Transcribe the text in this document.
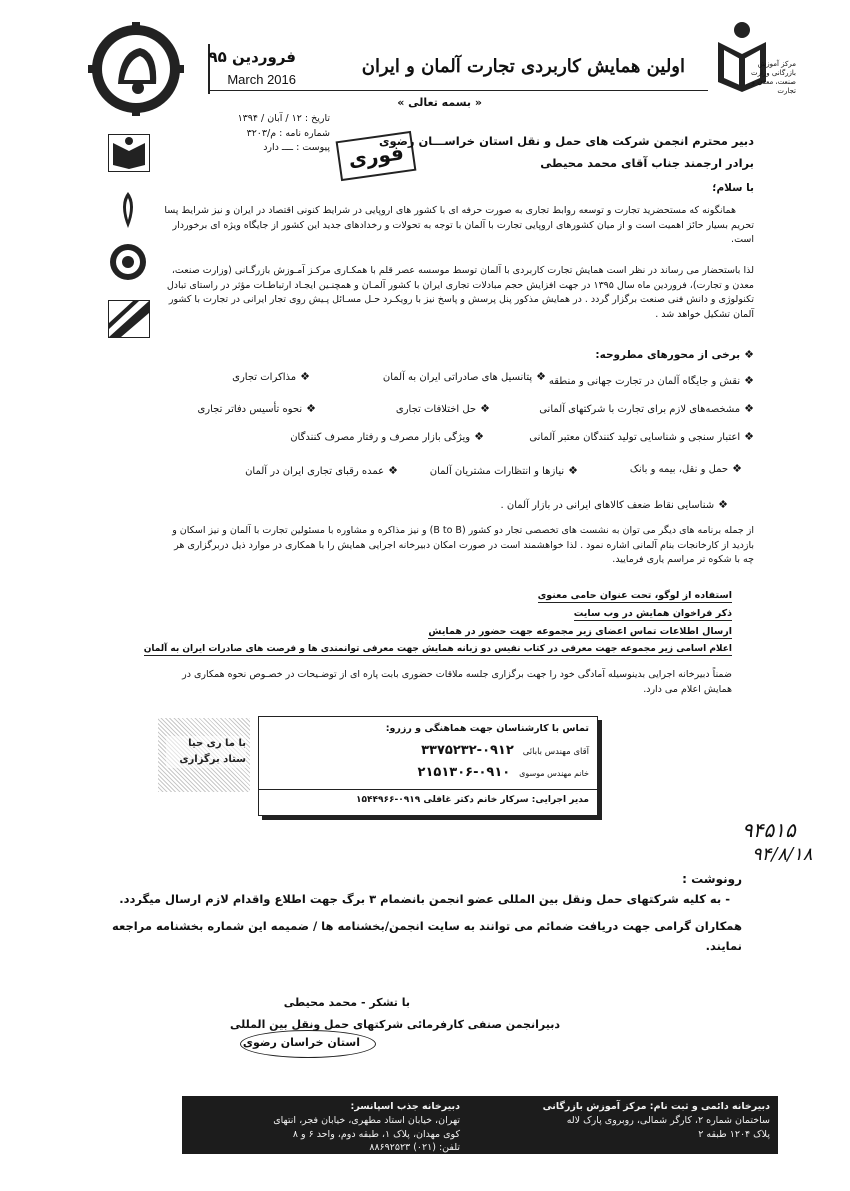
فروردین ۹۵
March 2016
اولین همایش کاربردی تجارت آلمان و ایران	مرکز آموزش بازرگانی وزارت صنعت، معدن و تجارت
« بسمه تعالی »
تاریخ : ۱۲ / آبان / ۱۳۹۴
شماره نامه : م/۳۲۰۳
پیوست : ــــ دارد فوری
دبیر محترم انجمن شرکت های حمل و نقل استان خراســـان رضوی
برادر ارجمند جناب آقای محمد محیطی
با سلام؛
همانگونه که مستحضرید تجارت و توسعه روابط تجاری به صورت حرفه ای با کشور های اروپایی در شرایط کنونی اقتصاد در ایران و نیز شرایط پسا تحریم بسیار حائز اهمیت است و از میان کشورهای اروپایی تجارت با آلمان با توجه به تحولات و رخدادهای جدید این کشور از جایگاه ویژه ای برخوردار است.
لذا باستحضار می رساند در نظر است همایش تجارت کاربردی با آلمان توسط موسسه عصر قلم با همکـاری مرکـز آمـوزش بازرگـانی (وزارت صنعت، معدن و تجارت)، فروردین ماه سال ۱۳۹۵ در جهت افزایش حجم مبادلات تجاری ایران با کشور آلمـان و همچنـین ایجـاد ارتباطـات مؤثر در راستای تبادل تکنولوژی و دانش فنی صنعت برگزار گردد . در همایش مذکور پنل پرسش و پاسخ نیز با رویکـرد حـل مسـائل پـیش روی تجار ایرانی در تجارت با کشور آلمان تشکیل خواهد شد .
❖برخی از محورهای مطروحه:
❖نقش و جایگاه آلمان در تجارت جهانی و منطقه
❖پتانسیل های صادراتی ایران به آلمان
❖مذاکرات تجاری
❖مشخصه‌های لازم برای تجارت با شرکتهای آلمانی
❖حل اختلافات تجاری
❖نحوه تأسیس دفاتر تجاری
❖اعتبار سنجی و شناسایی تولید کنندگان معتبر آلمانی
❖ویژگی بازار مصرف و رفتار مصرف کنندگان
❖حمل و نقل، بیمه و بانک
❖نیازها و انتظارات مشتریان آلمان
❖عمده رقبای تجاری ایران در آلمان
❖شناسایی نقاط ضعف کالاهای ایرانی در بازار آلمان .
از جمله برنامه های دیگر می توان به نشست های تخصصی تجار دو کشور (B to B) و نیز مذاکره و مشاوره با مسئولین تجارت با آلمان و نیز اسکان و بازدید از کارخانجات بنام آلمانی اشاره نمود . لذا خواهشمند است در صورت امکان دبیرخانه اجرایی همایش را با همکاری در موارد ذیل دربرگزاری هر چه با شکوه تر مراسم یاری فرمایید.
استفاده از لوگو، تحت عنوان حامی معنوی
ذکر فراخوان همایش در وب سایت
ارسال اطلاعات تماس اعضای زیر مجموعه جهت حضور در همایش
اعلام اسامی زیر مجموعه جهت معرفی در کتاب نفیس دو زبانه همایش جهت معرفی توانمندی ها و فرصت های صادرات ایران به آلمان
ضمناً دبیرخانه اجرایی بدینوسیله آمادگی خود را جهت برگزاری جلسه ملاقات حضوری بابت پاره ای از توضـیحات در خصـوص نحوه همکاری در همایش اعلام می دارد.
با ما ری حیا ستاد برگزاری
تماس با کارشناسان جهت هماهنگی و رزرو:
آقای مهندس بابائی ۰۹۱۲-۳۳۷۵۲۳۲
خانم مهندس موسوی ۰۹۱۰-۲۱۵۱۳۰۶
مدیر اجرایی: سرکار خانم دکتر غافلی ۰۹۱۹-۱۵۴۴۹۶۶
۹۴۵۱۵
۹۴/۸/۱۸
رونوشت :
- به کلیه شرکتهای حمل ونقل بین المللی عضو انجمن بانضمام ۳ برگ جهت اطلاع واقدام لازم ارسال میگردد.
همکاران گرامی جهت دریافت ضمائم می توانند به سایت انجمن/بخشنامه ها / ضمیمه این شماره بخشنامه مراجعه نمایند.
با تشکر - محمد محیطی
دبیرانجمن صنفی کارفرمائی شرکتهای حمل ونقل بین المللی
استان خراسان رضوی
دبیرخانه دائمی و ثبت نام: مرکز آموزش بازرگانی
ساختمان شماره ۲، کارگر شمالی، روبروی پارک لاله
پلاک ۱۲۰۴ طبقه ۲
دبیرخانه جذب اسپانسر:
تهران، خیابان استاد مطهری، خیابان فجر، انتهای
کوی مهدان، پلاک ۱، طبقه دوم، واحد ۶ و ۸
تلفن: (۰۲۱) ۸۸۶۹۲۵۲۳
